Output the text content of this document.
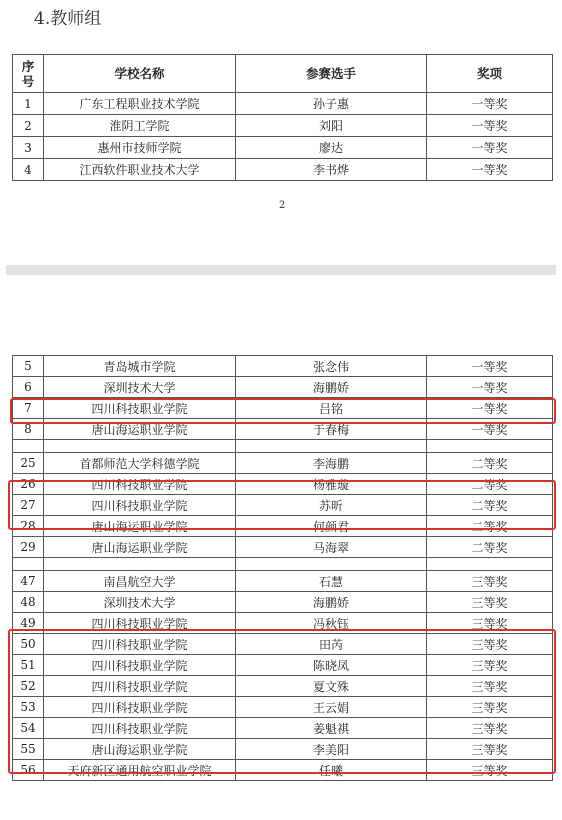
4.教师组
序
号	学校名称	参赛选手	奖项
1	广东工程职业技术学院	孙子惠	一等奖
2	淮阴工学院	刘阳	一等奖
3	惠州市技师学院	廖达	一等奖
4	江西软件职业技术大学	李书烨	一等奖
2
5	青岛城市学院	张念伟	一等奖
6	深圳技术大学	海鹏娇	一等奖
7	四川科技职业学院	吕铭	一等奖
8	唐山海运职业学院	于春梅	一等奖

25	首都师范大学科德学院	李海鹏	二等奖
26	四川科技职业学院	杨雅璇	二等奖
27	四川科技职业学院	苏昕	二等奖
28	唐山海运职业学院	何颜君	二等奖
29	唐山海运职业学院	马海翠	二等奖

47	南昌航空大学	石慧	三等奖
48	深圳技术大学	海鹏娇	三等奖
49	四川科技职业学院	冯秋钰	三等奖
50	四川科技职业学院	田芮	三等奖
51	四川科技职业学院	陈晓凤	三等奖
52	四川科技职业学院	夏文殊	三等奖
53	四川科技职业学院	王云娟	三等奖
54	四川科技职业学院	姜魁祺	三等奖
55	唐山海运职业学院	李美阳	三等奖
56	天府新区通用航空职业学院	任曦	三等奖
